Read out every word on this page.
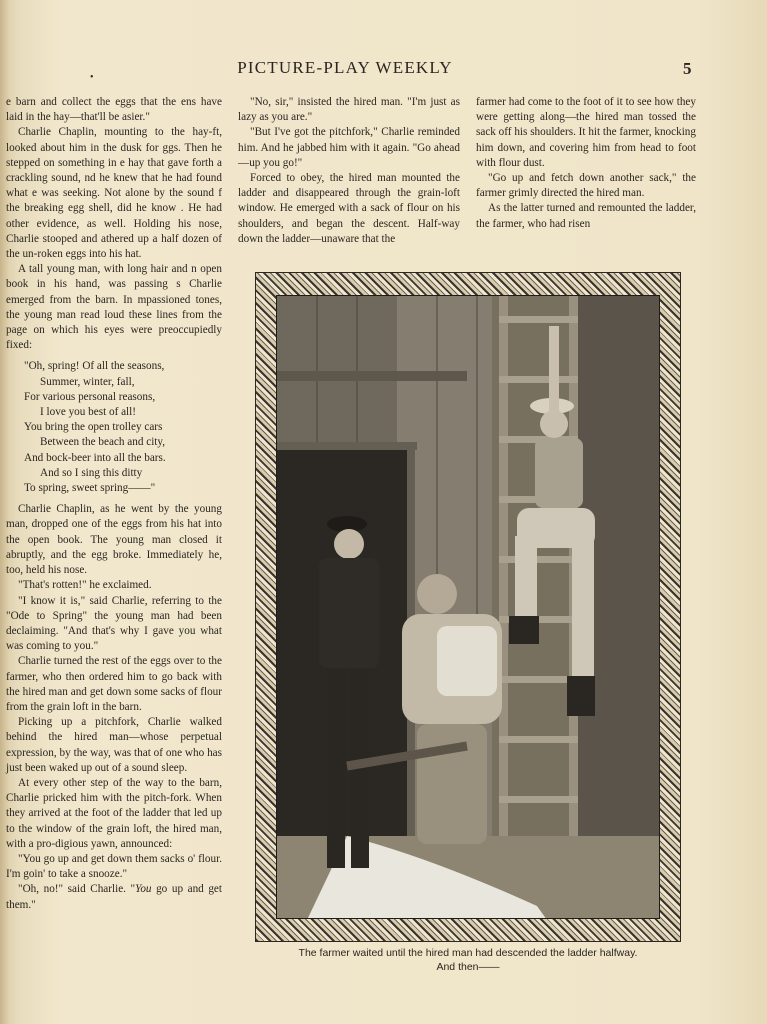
•
PICTURE-PLAY WEEKLY	5

e barn and collect the eggs that the ens have laid in the hay—that'll be asier."

Charlie Chaplin, mounting to the hay-ft, looked about him in the dusk for ggs. Then he stepped on something in e hay that gave forth a crackling sound, nd he knew that he had found what e was seeking. Not alone by the sound f the breaking egg shell, did he know . He had other evidence, as well. Holding his nose, Charlie stooped and athered up a half dozen of the un-roken eggs into his hat.

A tall young man, with long hair and n open book in his hand, was passing s Charlie emerged from the barn. In mpassioned tones, the young man read loud these lines from the page on which his eyes were preoccupiedly fixed:

"Oh, spring! Of all the seasons,
Summer, winter, fall,
For various personal reasons,
I love you best of all!
You bring the open trolley cars
Between the beach and city,
And bock-beer into all the bars.
And so I sing this ditty
To spring, sweet spring——"

Charlie Chaplin, as he went by the young man, dropped one of the eggs from his hat into the open book. The young man closed it abruptly, and the egg broke. Immediately he, too, held his nose.

"That's rotten!" he exclaimed.

"I know it is," said Charlie, referring to the "Ode to Spring" the young man had been declaiming. "And that's why I gave you what was coming to you."

Charlie turned the rest of the eggs over to the farmer, who then ordered him to go back with the hired man and get down some sacks of flour from the grain loft in the barn.

Picking up a pitchfork, Charlie walked behind the hired man—whose perpetual expression, by the way, was that of one who has just been waked up out of a sound sleep.

At every other step of the way to the barn, Charlie pricked him with the pitch-fork. When they arrived at the foot of the ladder that led up to the window of the grain loft, the hired man, with a pro-digious yawn, announced:

"You go up and get down them sacks o' flour. I'm goin' to take a snooze."

"Oh, no!" said Charlie. "You go up and get them."

"No, sir," insisted the hired man. "I'm just as lazy as you are."

"But I've got the pitchfork," Charlie reminded him. And he jabbed him with it again. "Go ahead—up you go!"

Forced to obey, the hired man mounted the ladder and disappeared through the grain-loft window. He emerged with a sack of flour on his shoulders, and began the descent. Half-way down the ladder—unaware that the

farmer had come to the foot of it to see how they were getting along—the hired man tossed the sack off his shoulders. It hit the farmer, knocking him down, and covering him from head to foot with flour dust.

"Go up and fetch down another sack," the farmer grimly directed the hired man.

As the latter turned and remounted the ladder, the farmer, who had risen

The farmer waited until the hired man had descended the ladder halfway.
And then——
